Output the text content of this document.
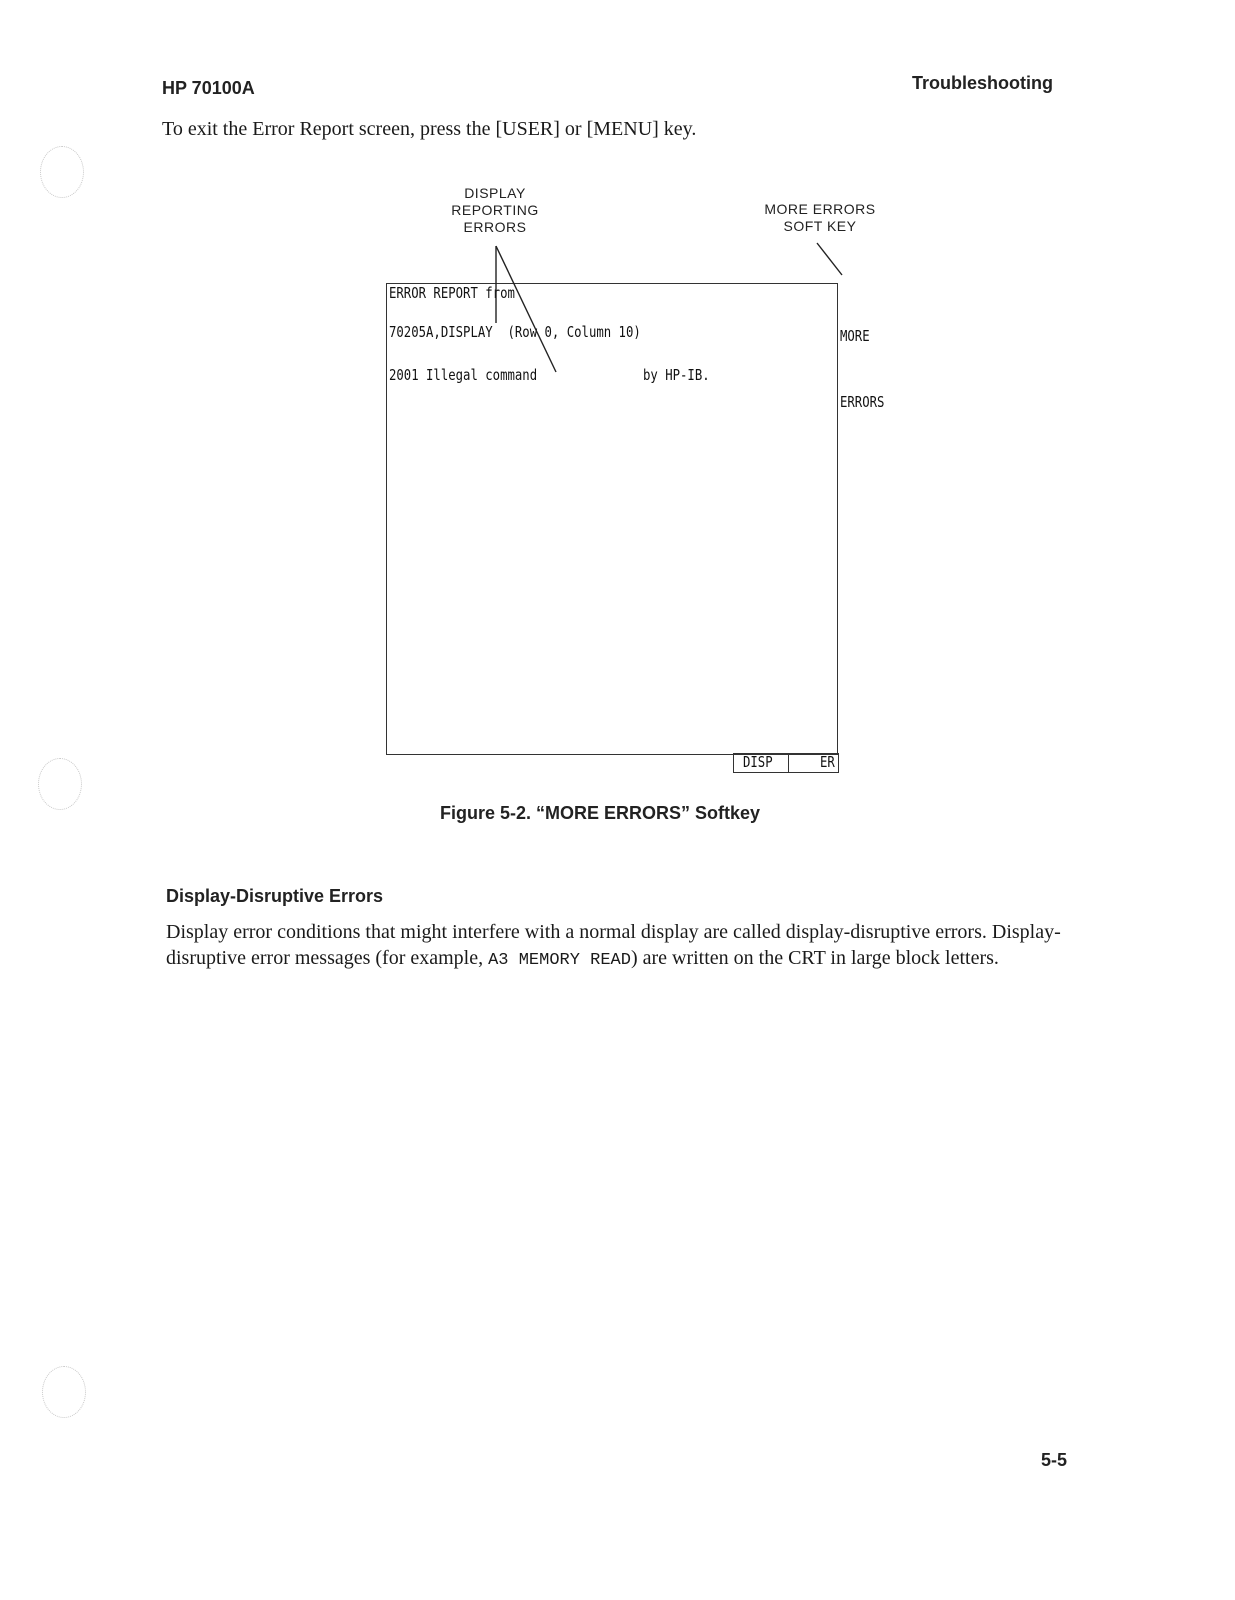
HP 70100A	Troubleshooting
To exit the Error Report screen, press the [USER] or [MENU] key.
DISPLAY
REPORTING
ERRORS
MORE ERRORS
SOFT KEY
ERROR REPORT from
70205A,DISPLAY  (Row 0, Column 10)
2001 Illegal command	by HP-IB.

MORE

ERRORS

DISP	ER
Figure 5-2. “MORE ERRORS” Softkey
Display-Disruptive Errors
Display error conditions that might interfere with a normal display are called display-disruptive errors. Display-disruptive error messages (for example, A3 MEMORY READ) are written on the CRT in large block letters.
5-5
